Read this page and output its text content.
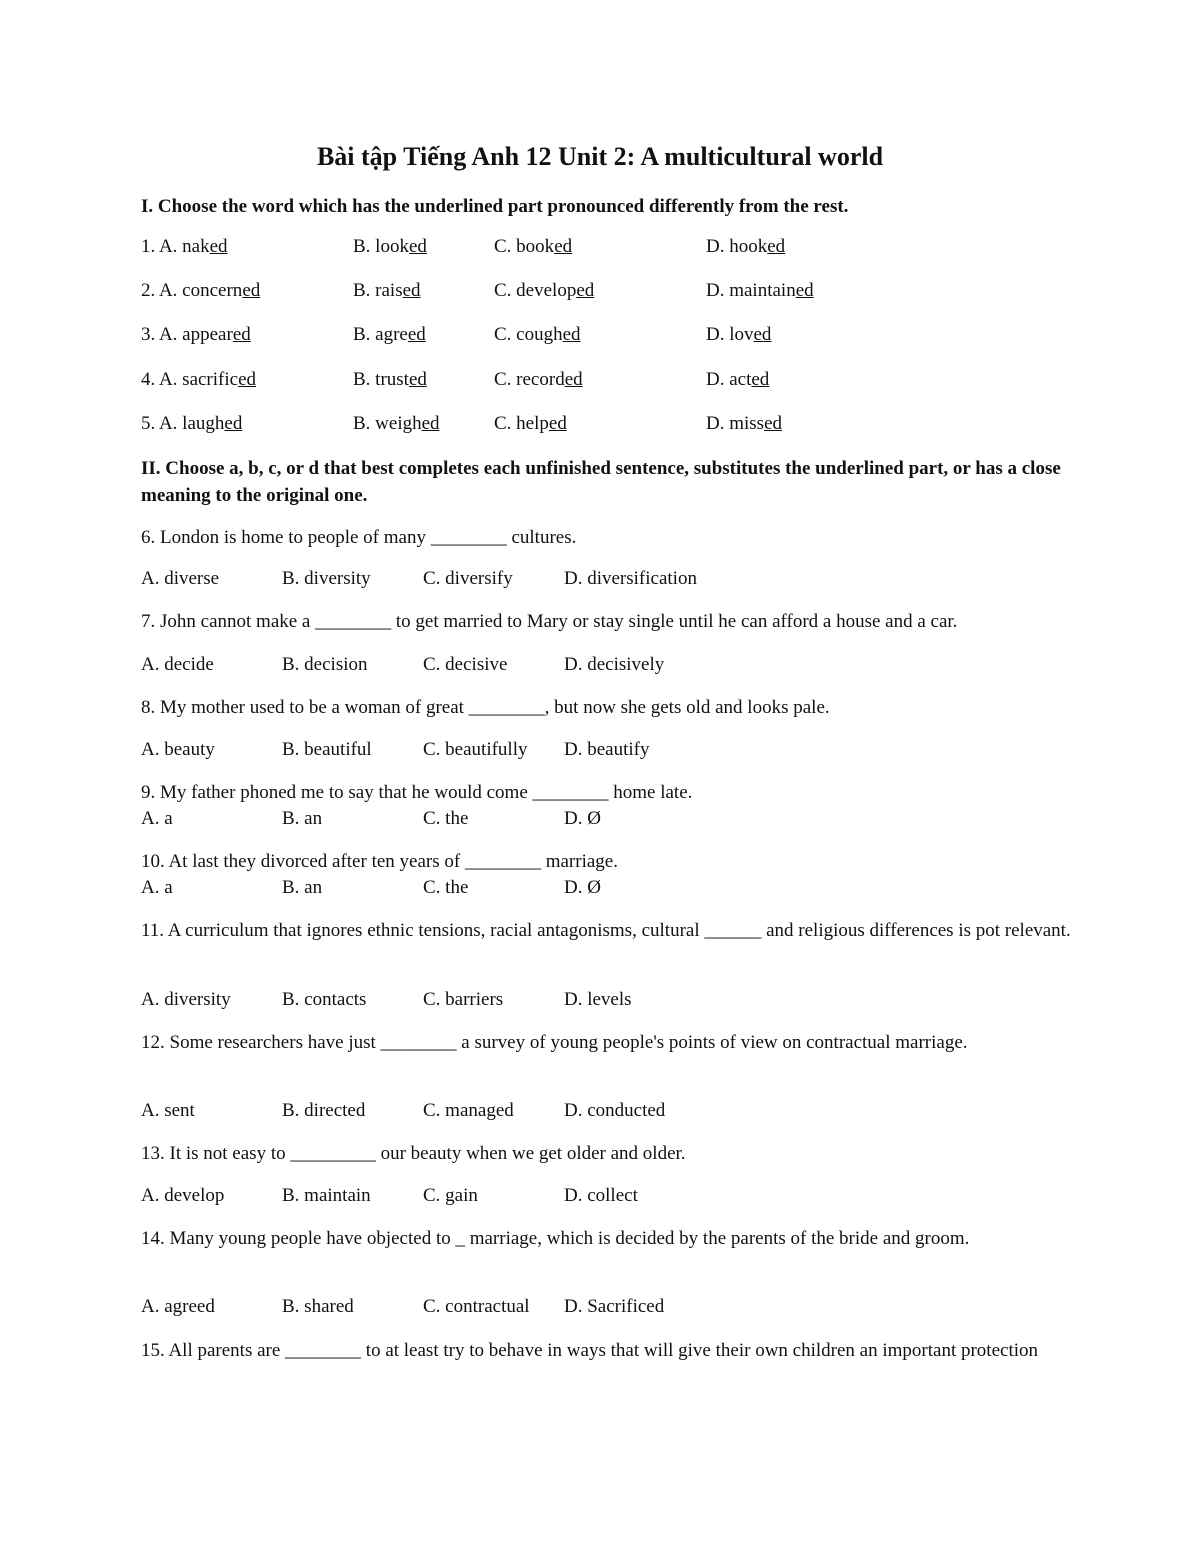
Bài tập Tiếng Anh 12 Unit 2: A multicultural world
I. Choose the word which has the underlined part pronounced differently from the rest.
1. A. naked	B. looked	C. booked	D. hooked
2. A. concerned	B. raised	C. developed	D. maintained
3. A. appeared	B. agreed	C. coughed	D. loved
4. A. sacrificed	B. trusted	C. recorded	D. acted
5. A. laughed	B. weighed	C. helped	D. missed
II. Choose a, b, c, or d that best completes each unfinished sentence, substitutes the underlined part, or has a close meaning to the original one.
6. London is home to people of many ________ cultures.
A. diverse	B. diversity	C. diversify	D. diversification
7. John cannot make a ________ to get married to Mary or stay single until he can afford a house and a car.
A. decide	B. decision	C. decisive	D. decisively
8. My mother used to be a woman of great ________, but now she gets old and looks pale.
A. beauty	B. beautiful	C. beautifully D. beautify
9. My father phoned me to say that he would come ________ home late.
A. a	B. an	C. the	D. Ø
10. At last they divorced after ten years of ________ marriage.
A. a	B. an	C. the	D. Ø
11. A curriculum that ignores ethnic tensions, racial antagonisms, cultural ______ and religious differences is pot relevant.
A. diversity	B. contacts	C. barriers	D. levels
12. Some researchers have just ________ a survey of young people's points of view on contractual marriage.
A. sent	B. directed	C. managed	D. conducted
13. It is not easy to _________ our beauty when we get older and older.
A. develop	B. maintain	C. gain	D. collect
14. Many young people have objected to _ marriage, which is decided by the parents of the bride and groom.
A. agreed	B. shared	C. contractual D. Sacrificed
15. All parents are ________ to at least try to behave in ways that will give their own children an important protection
